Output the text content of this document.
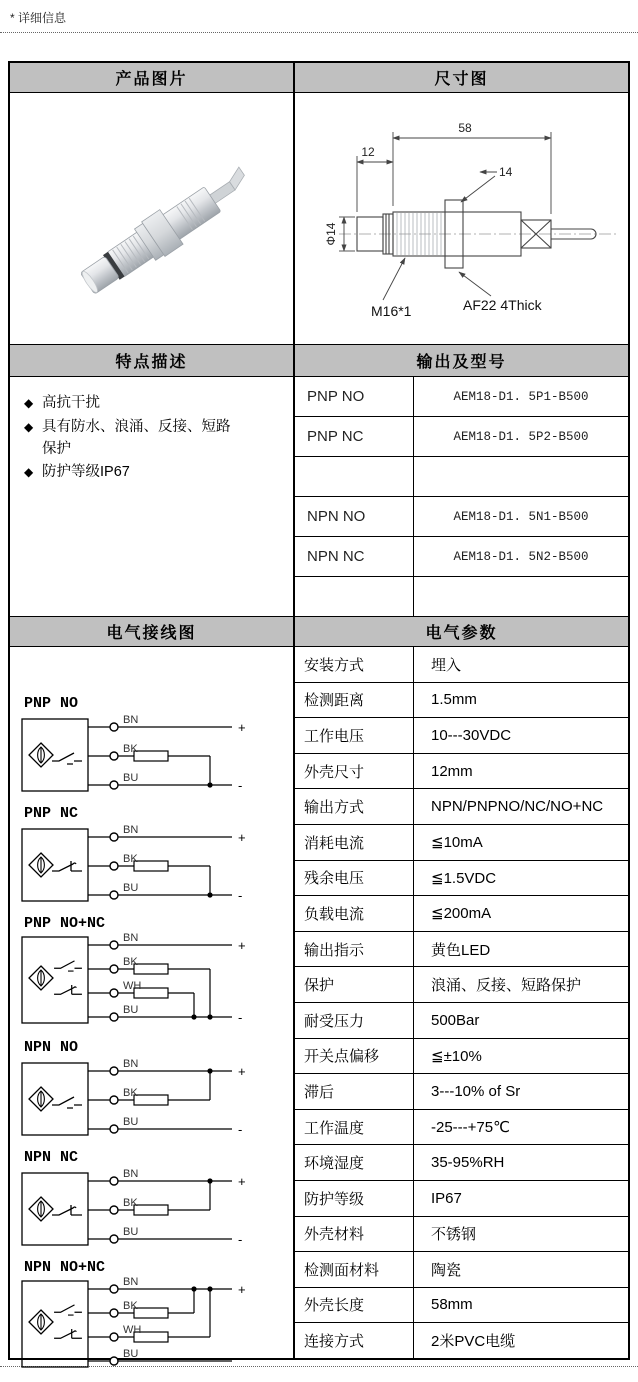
* 详细信息
产品图片	尺寸图
58
12
14
Φ14
M16*1	AF22 4Thick
特点描述	输出及型号
◆ 高抗干扰
◆ 具有防水、浪涌、反接、短路保护
◆ 防护等级IP67
PNP NO	AEM18-D1. 5P1-B500
PNP NC	AEM18-D1. 5P2-B500
NPN NO	AEM18-D1. 5N1-B500
NPN NC	AEM18-D1. 5N2-B500
电气接线图	电气参数
PNP NO
BN
BK
BU
+
-
PNP NC
BN
BK
BU
+
-
PNP NO+NC
BN
BK
WH
BU
+
-
NPN NO
BN
BK
BU
+
-
NPN NC
BN
BK
BU
+
-
NPN NO+NC
BN
BK
WH
BU
+
安装方式	埋入
检测距离	1.5mm
工作电压	10---30VDC
外壳尺寸	12mm
输出方式	NPN/PNPNO/NC/NO+NC
消耗电流	≦10mA
残余电压	≦1.5VDC
负载电流	≦200mA
输出指示	黄色LED
保护	浪涌、反接、短路保护
耐受压力	500Bar
开关点偏移	≦±10%
滞后	3---10% of Sr
工作温度	-25---+75℃
环境湿度	35-95%RH
防护等级	IP67
外壳材料	不锈钢
检测面材料	陶瓷
外壳长度	58mm
连接方式	2米PVC电缆
